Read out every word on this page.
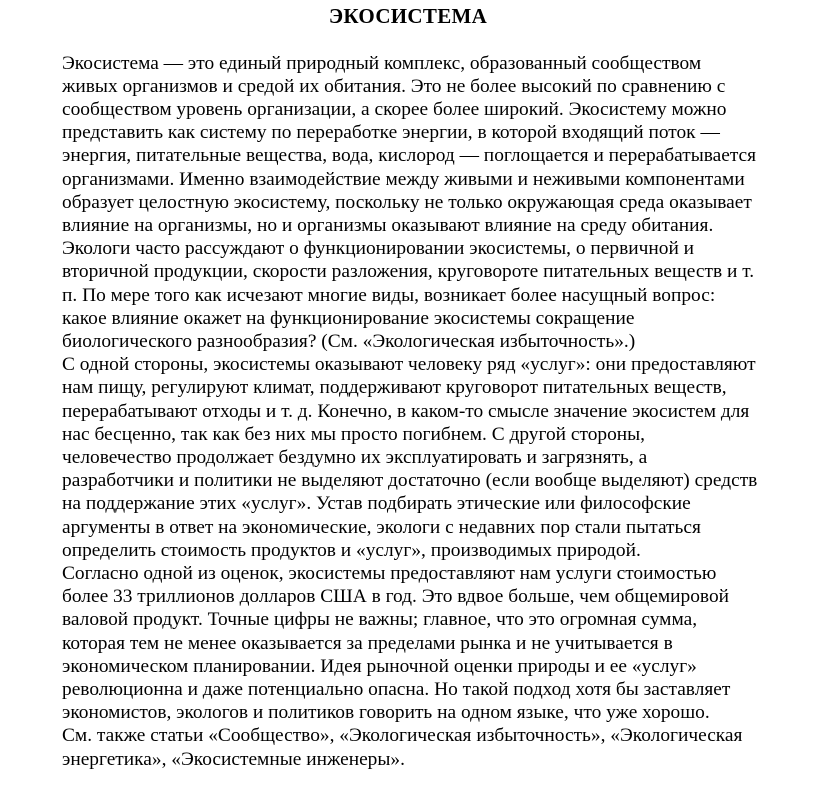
ЭКОСИСТЕМА
Экосистема — это единый природный комплекс, образованный сообществом
живых организмов и средой их обитания. Это не более высокий по сравнению с
сообществом уровень организации, а скорее более широкий. Экосистему можно
представить как систему по переработке энергии, в которой входящий поток —
энергия, питательные вещества, вода, кислород — поглощается и перерабатывается
организмами. Именно взаимодействие между живыми и неживыми компонентами
образует целостную экосистему, поскольку не только окружающая среда оказывает
влияние на организмы, но и организмы оказывают влияние на среду обитания.
Экологи часто рассуждают о функционировании экосистемы, о первичной и
вторичной продукции, скорости разложения, круговороте питательных веществ и т.
п. По мере того как исчезают многие виды, возникает более насущный вопрос:
какое влияние окажет на функционирование экосистемы сокращение
биологического разнообразия? (См. «Экологическая избыточность».)
С одной стороны, экосистемы оказывают человеку ряд «услуг»: они предоставляют
нам пищу, регулируют климат, поддерживают круговорот питательных веществ,
перерабатывают отходы и т. д. Конечно, в каком-то смысле значение экосистем для
нас бесценно, так как без них мы просто погибнем. С другой стороны,
человечество продолжает бездумно их эксплуатировать и загрязнять, а
разработчики и политики не выделяют достаточно (если вообще выделяют) средств
на поддержание этих «услуг». Устав подбирать этические или философские
аргументы в ответ на экономические, экологи с недавних пор стали пытаться
определить стоимость продуктов и «услуг», производимых природой.
Согласно одной из оценок, экосистемы предоставляют нам услуги стоимостью
более 33 триллионов долларов США в год. Это вдвое больше, чем общемировой
валовой продукт. Точные цифры не важны; главное, что это огромная сумма,
которая тем не менее оказывается за пределами рынка и не учитывается в
экономическом планировании. Идея рыночной оценки природы и ее «услуг»
революционна и даже потенциально опасна. Но такой подход хотя бы заставляет
экономистов, экологов и политиков говорить на одном языке, что уже хорошо.
См. также статьи «Сообщество», «Экологическая избыточность», «Экологическая
энергетика», «Экосистемные инженеры».
